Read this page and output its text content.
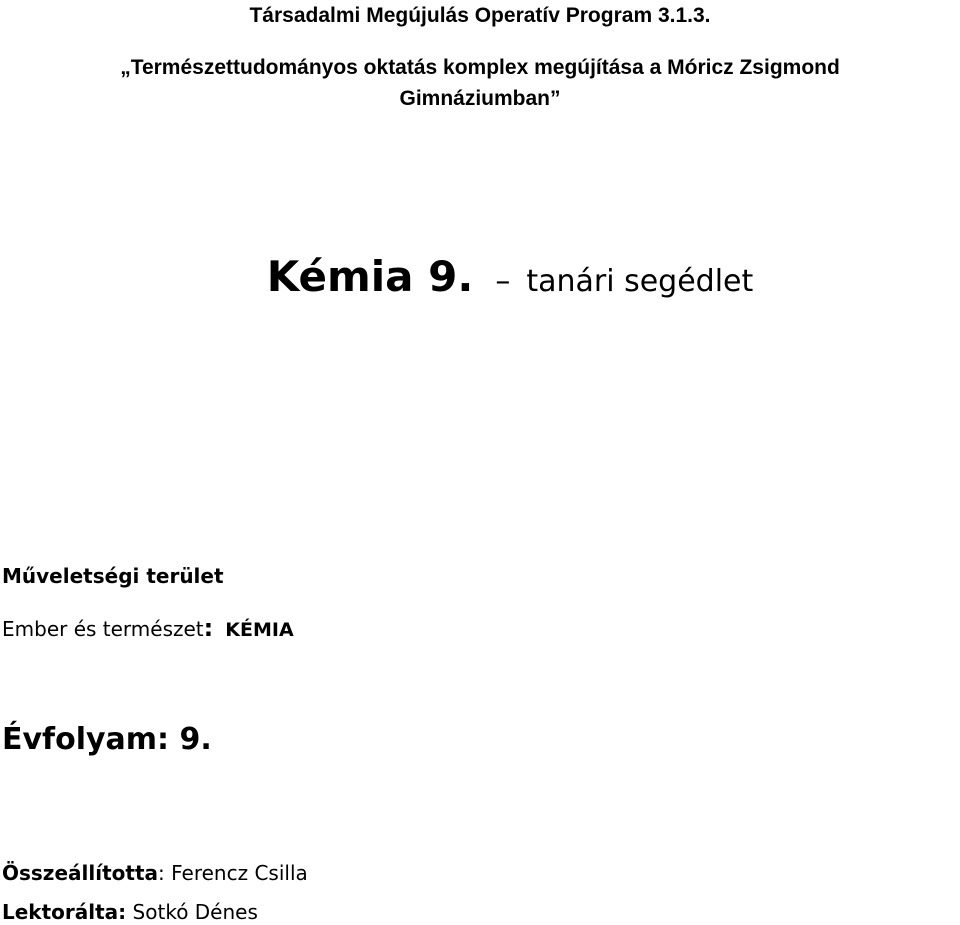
Társadalmi Megújulás Operatív Program 3.1.3.
„Természettudományos oktatás komplex megújítása a Móricz Zsigmond
Gimnáziumban”
Kémia 9. – tanári segédlet
Műveletségi terület
Ember és természet: KÉMIA
Évfolyam: 9.
Összeállította: Ferencz Csilla
Lektorálta: Sotkó Dénes
